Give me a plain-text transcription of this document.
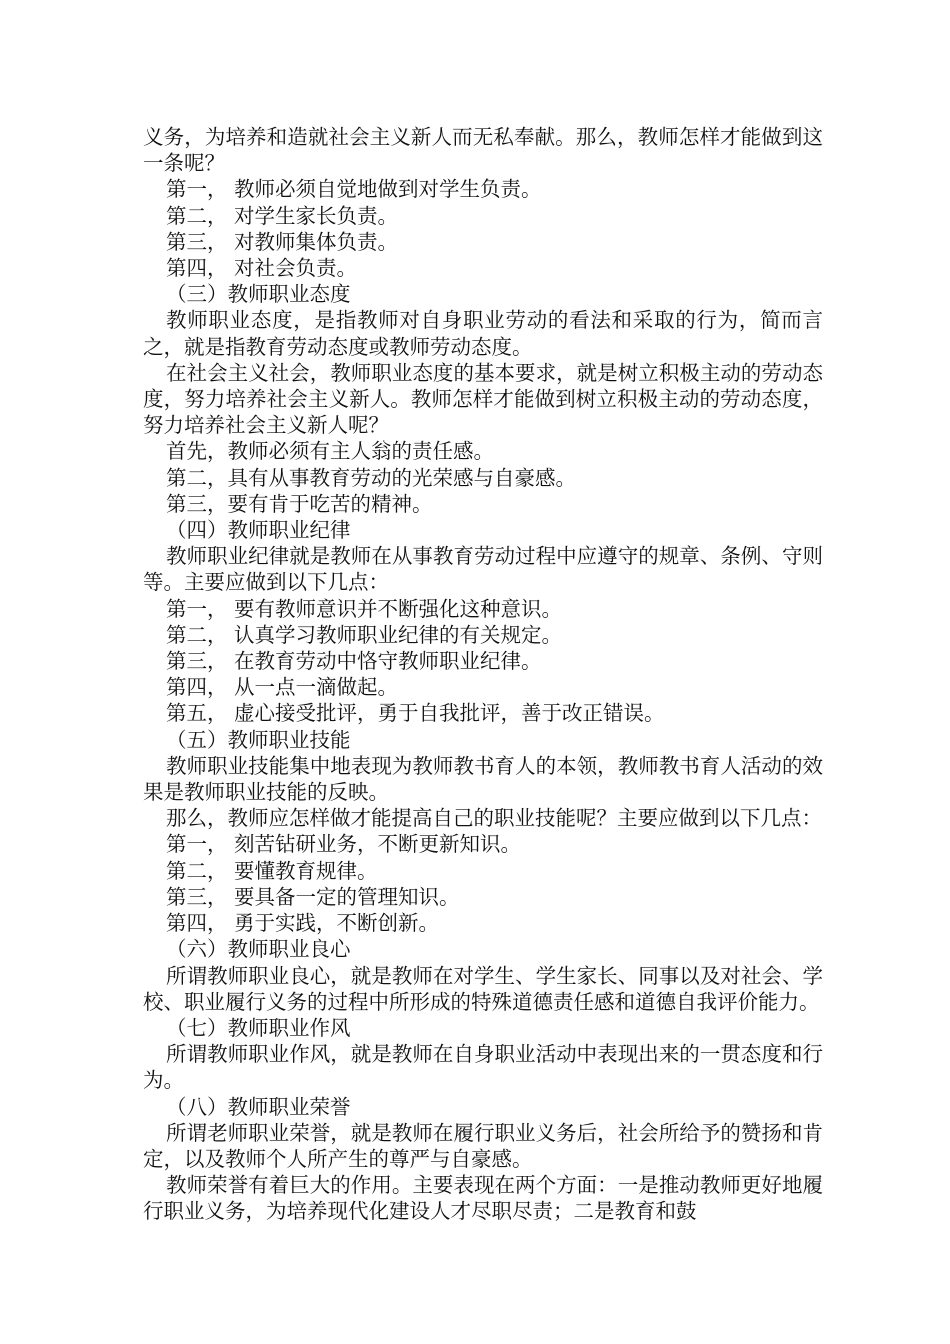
义务，为培养和造就社会主义新人而无私奉献。那么，教师怎样才能做到这一条呢？

第一， 教师必须自觉地做到对学生负责。

第二， 对学生家长负责。

第三， 对教师集体负责。

第四， 对社会负责。

（三）教师职业态度

教师职业态度，是指教师对自身职业劳动的看法和采取的行为，简而言之，就是指教育劳动态度或教师劳动态度。

在社会主义社会，教师职业态度的基本要求，就是树立积极主动的劳动态度，努力培养社会主义新人。教师怎样才能做到树立积极主动的劳动态度，努力培养社会主义新人呢？

首先，教师必须有主人翁的责任感。

第二，具有从事教育劳动的光荣感与自豪感。

第三，要有肯于吃苦的精神。

（四）教师职业纪律

教师职业纪律就是教师在从事教育劳动过程中应遵守的规章、条例、守则等。主要应做到以下几点：

第一， 要有教师意识并不断强化这种意识。

第二， 认真学习教师职业纪律的有关规定。

第三， 在教育劳动中恪守教师职业纪律。

第四， 从一点一滴做起。

第五， 虚心接受批评，勇于自我批评，善于改正错误。

（五）教师职业技能

教师职业技能集中地表现为教师教书育人的本领，教师教书育人活动的效果是教师职业技能的反映。

那么，教师应怎样做才能提高自己的职业技能呢？主要应做到以下几点：

第一， 刻苦钻研业务，不断更新知识。

第二， 要懂教育规律。

第三， 要具备一定的管理知识。

第四， 勇于实践，不断创新。

（六）教师职业良心

所谓教师职业良心，就是教师在对学生、学生家长、同事以及对社会、学校、职业履行义务的过程中所形成的特殊道德责任感和道德自我评价能力。

（七）教师职业作风

所谓教师职业作风，就是教师在自身职业活动中表现出来的一贯态度和行为。

（八）教师职业荣誉

所谓老师职业荣誉，就是教师在履行职业义务后，社会所给予的赞扬和肯定，以及教师个人所产生的尊严与自豪感。

教师荣誉有着巨大的作用。主要表现在两个方面：一是推动教师更好地履行职业义务，为培养现代化建设人才尽职尽责；二是教育和鼓
